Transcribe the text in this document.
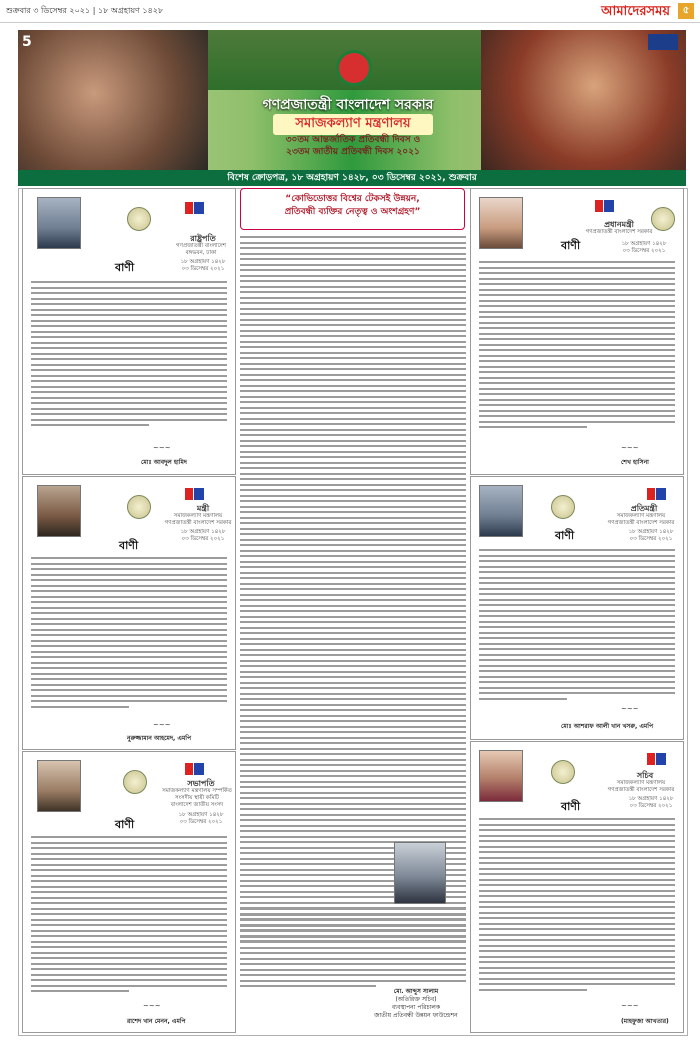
শুক্রবার ৩ ডিসেম্বর ২০২১ | ১৮ অগ্রহায়ণ ১৪২৮	আমাদেরসময়	৫
গণপ্রজাতন্ত্রী বাংলাদেশ সরকার
সমাজকল্যাণ মন্ত্রণালয়
৩০তম আন্তর্জাতিক প্রতিবন্ধী দিবস ও
২৩তম জাতীয় প্রতিবন্ধী দিবস ২০২১
5
বিশেষ ক্রোড়পত্র, ১৮ অগ্রহায়ণ ১৪২৮, ০৩ ডিসেম্বর ২০২১, শুক্রবার
“কোভিডোত্তর বিশ্বের টেকসই উন্নয়ন,
প্রতিবন্ধী ব্যক্তির নেতৃত্ব ও অংশগ্রহণ”
রাষ্ট্রপতি
গণপ্রজাতন্ত্রী বাংলাদেশ
বঙ্গভবন, ঢাকা
১৮ অগ্রহায়ণ ১৪২৮
০৩ ডিসেম্বর ২০২১
বাণী
~~~
মোঃ আবদুল হামিদ
প্রধানমন্ত্রী
গণপ্রজাতন্ত্রী বাংলাদেশ সরকার
১৮ অগ্রহায়ণ ১৪২৮
০৩ ডিসেম্বর ২০২১
বাণী
~~~
শেখ হাসিনা
মন্ত্রী
সমাজকল্যাণ মন্ত্রণালয়
গণপ্রজাতন্ত্রী বাংলাদেশ সরকার
১৮ অগ্রহায়ণ ১৪২৮
০৩ ডিসেম্বর ২০২১
বাণী
~~~
নুরুজ্জামান আহমেদ, এমপি
প্রতিমন্ত্রী
সমাজকল্যাণ মন্ত্রণালয়
গণপ্রজাতন্ত্রী বাংলাদেশ সরকার
১৮ অগ্রহায়ণ ১৪২৮
০৩ ডিসেম্বর ২০২১
বাণী
~~~
মোঃ আশরাফ আলী খান খসরু, এমপি
সভাপতি
সমাজকল্যাণ মন্ত্রণালয় সম্পর্কিত
সংসদীয় স্থায়ী কমিটি
বাংলাদেশ জাতীয় সংসদ
১৮ অগ্রহায়ণ ১৪২৮
০৩ ডিসেম্বর ২০২১
বাণী
~~~
রাশেদ খান মেনন, এমপি
সচিব
সমাজকল্যাণ মন্ত্রণালয়
গণপ্রজাতন্ত্রী বাংলাদেশ সরকার
১৮ অগ্রহায়ণ ১৪২৮
০৩ ডিসেম্বর ২০২১
বাণী
~~~
(মাহফুজা আখতার)
মো. আব্দুস সালাম
(অতিরিক্ত সচিব)
ব্যবস্থাপনা পরিচালক
জাতীয় প্রতিবন্ধী উন্নয়ন ফাউন্ডেশন
